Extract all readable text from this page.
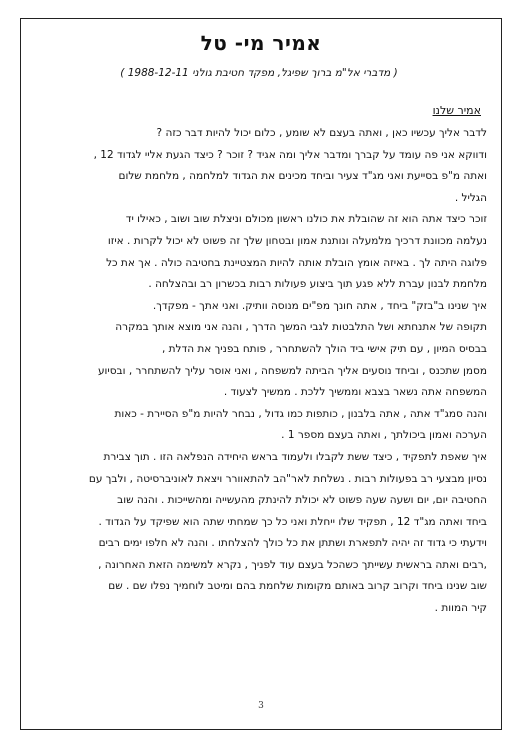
אמיר מי- טל
( מדברי אל"מ ברוך שפיגל, מפקד חטיבת גולני 1988-12-11 )
אמיר שלנו
לדבר אליך עכשיו כאן , ואתה בעצם לא שומע , כלום יכול להיות דבר כזה ?
ודווקא אני פה עומד על קברך ומדבר אליך ומה אגיד ? זוכר ? כיצד הגעת אליי לגדוד 12 ,
ואתה מ"פ בסייעת ואני מג"ד צעיר וביחד מכינים את הגדוד למלחמה , מלחמת שלום
הגליל .
זוכר כיצד אתה הוא זה שהובלת את כולנו ראשון מכולם וניצלת שוב ושוב , כאילו יד
נעלמה מכוונת דרכיך מלמעלה ונותנת אמון ובטחון שלך זה פשוט לא יכול לקרות . איזו
פלוגה היתה לך . באיזה אומץ הובלת אותה להיות המצטיינת בחטיבה כולה . אך את כל
מלחמת לבנון עברת ללא פגע תוך ביצוע פעולות רבות בכשרון רב ובהצלחה .
איך שנינו ב"בזק" ביחד , אתה חונך מפ"ים מנוסה וותיק. ואני אתך - מפקדך.
תקופה של אתנחתא ושל התלבטות לגבי המשך הדרך , והנה אני מוצא אותך במקרה
בבסיס המיון , עם תיק אישי ביד הולך להשתחרר , פותח בפניך את הדלת ,
מסמן שתכנס , וביחד נוסעים אליך הביתה למשפחה , ואני אוסר עליך להשתחרר , ובסיוע
המשפחה אתה נשאר בצבא וממשיך ללכת . ממשיך לצעוד .
והנה סמג"ד אתה , אתה בלבנון , כותפות כמו גדול , נבחר להיות מ"פ הסיירת - כאות
הערכה ואמון ביכולתך , ואתה בעצם מספר 1 .
איך שאפת לתפקיד , כיצד ששת לקבלו ולעמוד בראש היחידה הנפלאה הזו . תוך צבירת
נסיון מבצעי רב בפעולות רבות . נשלחת לאר"הב להתאוורר ויצאת לאוניברסיטה , ולבך עם
החטיבה יום, יום ושעה שעה פשוט לא יכולת להינתק מהעשייה ומהשייכות . והנה שוב
ביחד ואתה מג"ד 12 , תפקיד שלו ייחלת ואני כל כך שמחתי שתה הוא שפיקד על הגדוד .
וידעתי כי גדוד זה יהיה לתפארת ושתתן את כל כולך להצלחתו . והנה לא חלפו ימים רבים
,רבים ואתה בראשית עשייתך כשהכל בעצם עוד לפניך , נקרא למשימה הזאת האחרונה ,
שוב שנינו ביחד וקרוב קרוב באותם מקומות שלחמת בהם ומיטב לוחמיך נפלו שם . שם
קיר המוות .
3
